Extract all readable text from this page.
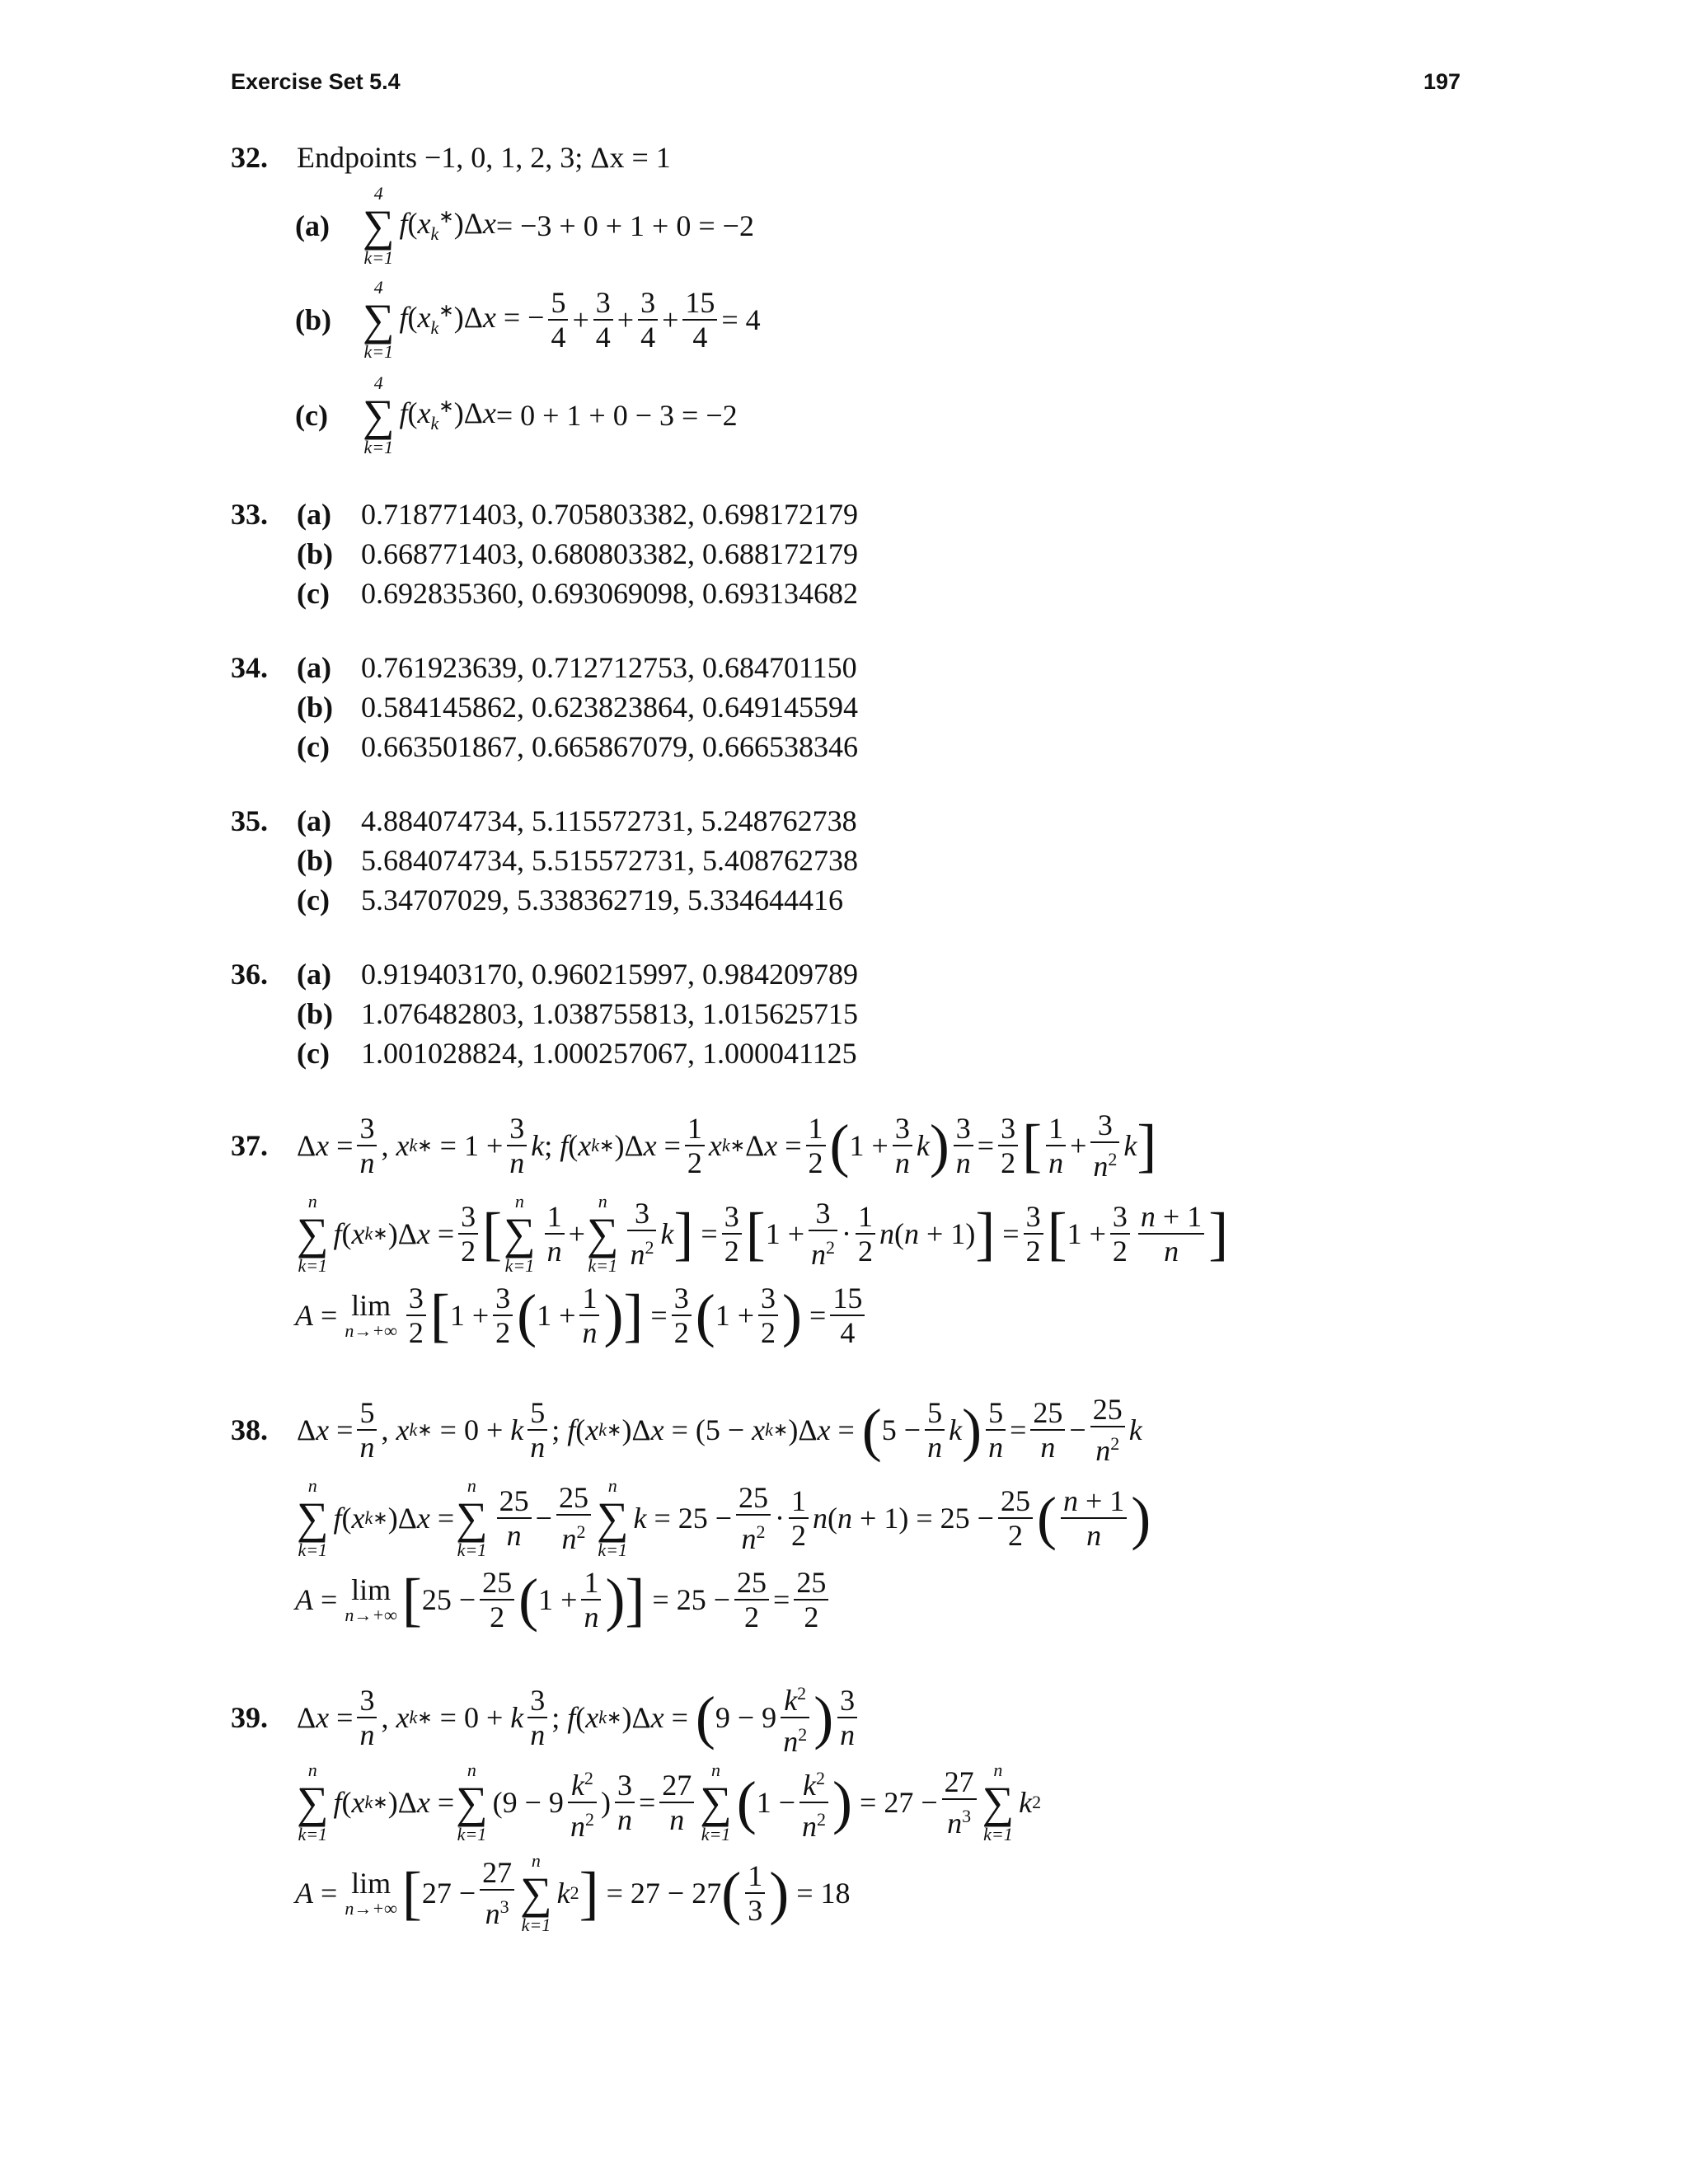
Exercise Set 5.4	197
32. Endpoints −1, 0, 1, 2, 3; Δx = 1
(a)
4
∑
k=1
$f(x_k^∗)\Delta x = -3 + 0 + 1 + 0 = -2$
(b)
4
∑
k=1
$f(x_k^∗)\Delta x$ = − $\frac{5}{4} + \frac{3}{4} + \frac{3}{4} + \frac{15}{4} = 4$
(c)
4
∑
k=1
$f(x_k^∗)\Delta x = 0 + 1 + 0 - 3 = -2$
33. (a) 0.718771403, 0.705803382, 0.698172179
(b) 0.668771403, 0.680803382, 0.688172179
(c) 0.692835360, 0.693069098, 0.693134682
34. (a) 0.761923639, 0.712712753, 0.684701150
(b) 0.584145862, 0.623823864, 0.649145594
(c) 0.663501867, 0.665867079, 0.666538346
35. (a) 4.884074734, 5.115572731, 5.248762738
(b) 5.684074734, 5.515572731, 5.408762738
(c) 5.34707029, 5.338362719, 5.334644416
36. (a) 0.919403170, 0.960215997, 0.984209789
(b) 1.076482803, 1.038755813, 1.015625715
(c) 1.001028824, 1.000257067, 1.000041125
37. Δ $x = \frac{3}{n}$ , x k ∗ = $1 + \frac{3}{n}$ k ; f ( x k ∗ )Δ $x = \frac{1}{2}$ x k ∗ Δ $x = \frac{1}{2}$ ( $1 + \frac{3}{n}$ k ) $\frac{3}{n} = \frac{3}{2}$ [ $\frac{1}{n} + \frac{3}{n^2}$ k ]
n
∑
k=1
f ( x k ∗ )Δ $x = \frac{3}{2}$ [ n
∑
$k=1 \frac{1}{n}$ +
n
∑
$k=1 \frac{3}{n^2}$ k ] = $\frac{3}{2}$ [ $1 + \frac{3}{n^2} \cdot \frac{1}{2}$ n ( n + 1) ] = $\frac{3}{2}$ [ $1 + \frac{3}{2} \frac{n + 1}{n}$ ]
A = lim
$n\to+\infty \frac{3}{2}$ [ $1 + \frac{3}{2}$ ( $1 + \frac{1}{n}$ ) ] = $\frac{3}{2}$ ( $1 + \frac{3}{2}$ ) = $\frac{15}{4}$
38. Δ $x = \frac{5}{n}$ , x k ∗ = 0 + k $\frac{5}{n}$ ; f ( x k ∗ )Δ x = (5 − x k ∗ )Δ x = ( $5 - \frac{5}{n}$ k ) $\frac{5}{n} = \frac{25}{n} - \frac{25}{n^2}$ k
n
∑
k=1
f ( x k ∗ )Δ x =
n
∑
$k=1 \frac{25}{n} - \frac{25}{n^2}$ n
∑
k=1
$k = 25 - \frac{25}{n^2} \cdot \frac{1}{2}$ n ( $n + 1) = 25 - \frac{25}{2}$ ( $\frac{n + 1}{n}$ )
A = lim
n→+∞ [ $25 - \frac{25}{2}$ ( $1 + \frac{1}{n}$ ) ] = $25 - \frac{25}{2} = \frac{25}{2}$
39. Δ $x = \frac{3}{n}$ , x k ∗ = 0 + k $\frac{3}{n}$ ; f ( x k ∗ )Δ x = ( $9 - 9 \frac{k^2}{n^2}$ ) $\frac{3}{n}$
n
∑
k=1
f ( x k ∗ )Δ x =
n
∑
k=1
($9 - 9 \frac{k^2}{n^2}$ ) $\frac{3}{n} = \frac{27}{n}$ n
∑
k=1 ( $1 - \frac{k^2}{n^2}$ ) = $27 - \frac{27}{n^3}$ n
∑
k=1
k 2
A = lim
n→+∞ [ $27 - \frac{27}{n^3}$ n
∑
k=1
k 2 ] = 27 − 27 ( $\frac{1}{3}$ ) = 18
